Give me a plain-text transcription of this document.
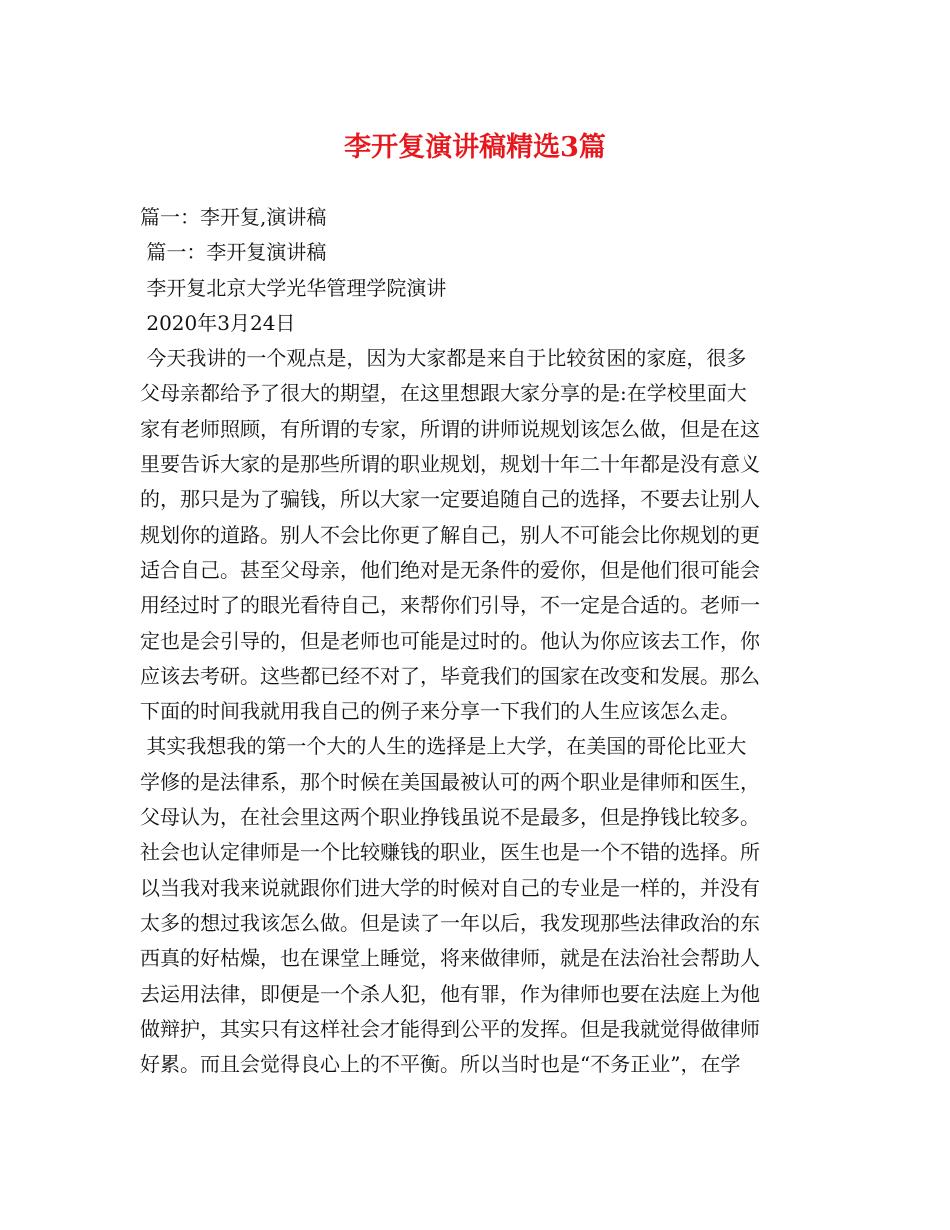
李开复演讲稿精选3篇
篇一：李开复,演讲稿
篇一：李开复演讲稿
李开复北京大学光华管理学院演讲
2020年3月24日
今天我讲的一个观点是，因为大家都是来自于比较贫困的家庭，很多
父母亲都给予了很大的期望，在这里想跟大家分享的是:在学校里面大
家有老师照顾，有所谓的专家，所谓的讲师说规划该怎么做，但是在这
里要告诉大家的是那些所谓的职业规划，规划十年二十年都是没有意义
的，那只是为了骗钱，所以大家一定要追随自己的选择，不要去让别人
规划你的道路。别人不会比你更了解自己，别人不可能会比你规划的更
适合自己。甚至父母亲，他们绝对是无条件的爱你，但是他们很可能会
用经过时了的眼光看待自己，来帮你们引导，不一定是合适的。老师一
定也是会引导的，但是老师也可能是过时的。他认为你应该去工作，你
应该去考研。这些都已经不对了，毕竟我们的国家在改变和发展。那么
下面的时间我就用我自己的例子来分享一下我们的人生应该怎么走。
其实我想我的第一个大的人生的选择是上大学，在美国的哥伦比亚大
学修的是法律系，那个时候在美国最被认可的两个职业是律师和医生，
父母认为，在社会里这两个职业挣钱虽说不是最多，但是挣钱比较多。
社会也认定律师是一个比较赚钱的职业，医生也是一个不错的选择。所
以当我对我来说就跟你们进大学的时候对自己的专业是一样的，并没有
太多的想过我该怎么做。但是读了一年以后，我发现那些法律政治的东
西真的好枯燥，也在课堂上睡觉，将来做律师，就是在法治社会帮助人
去运用法律，即便是一个杀人犯，他有罪，作为律师也要在法庭上为他
做辩护，其实只有这样社会才能得到公平的发挥。但是我就觉得做律师
好累。而且会觉得良心上的不平衡。所以当时也是“不务正业”，在学
